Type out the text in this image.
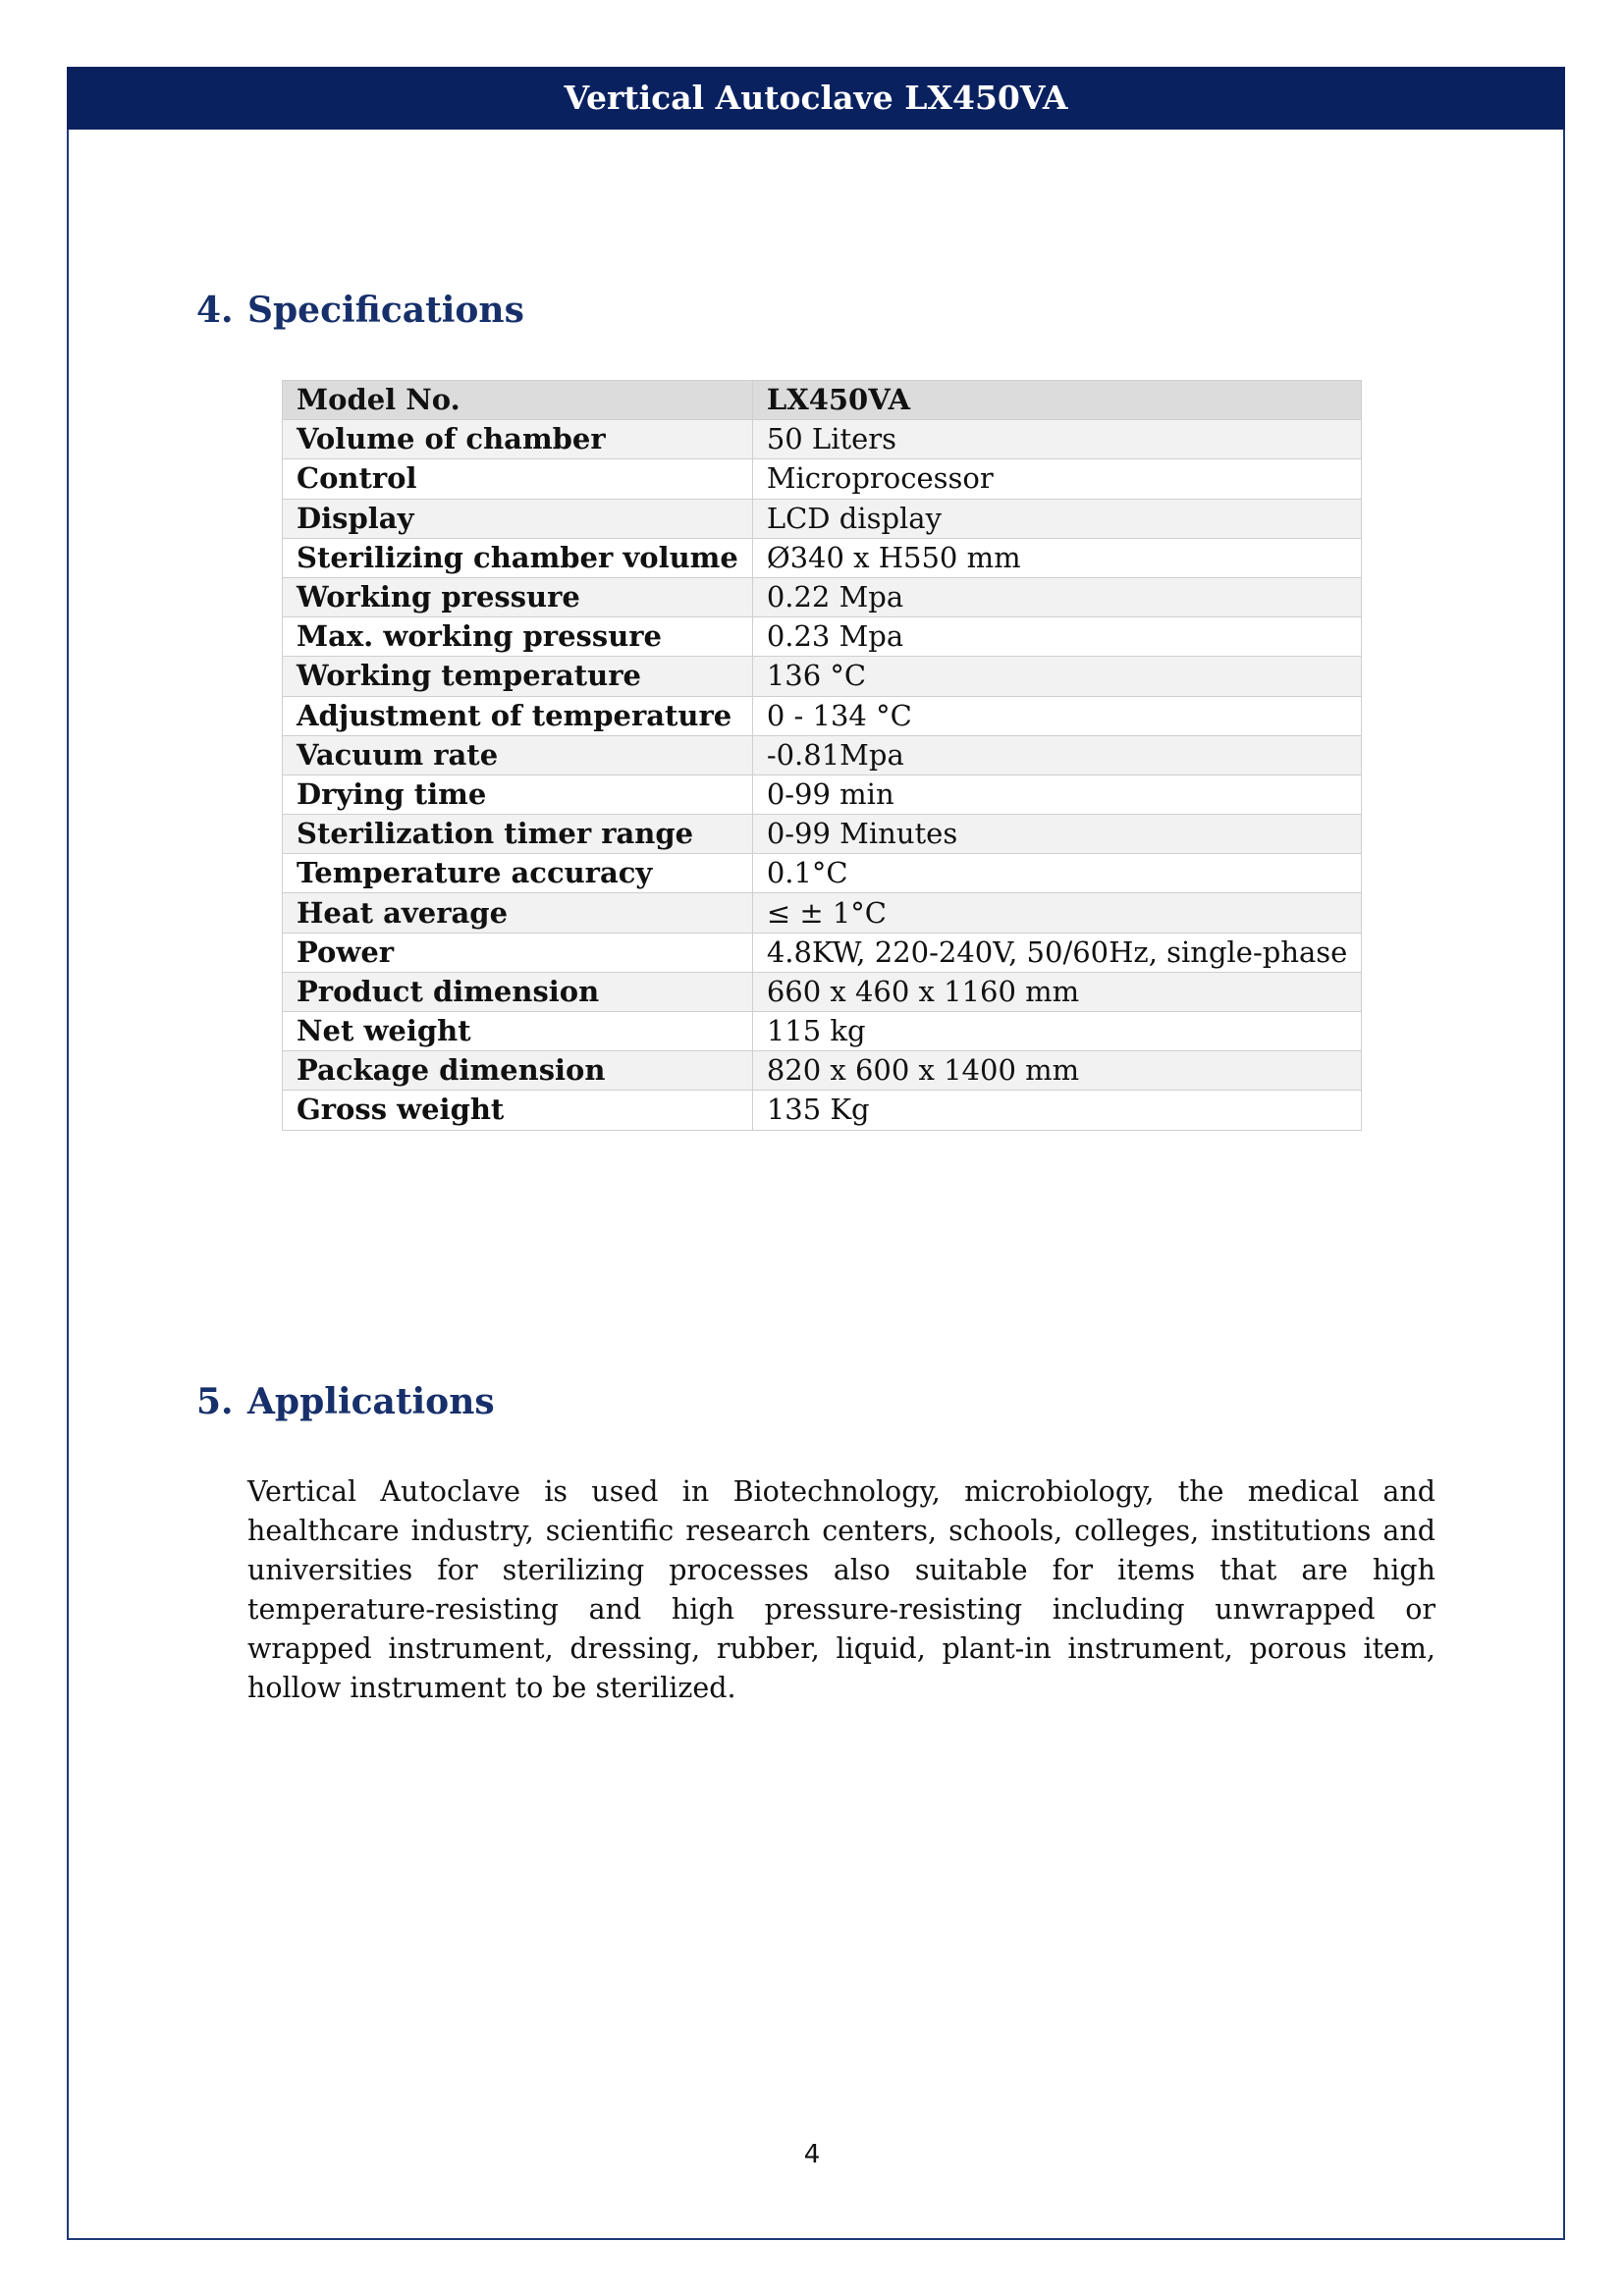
Vertical Autoclave LX450VA
4. Specifications
Model No.	LX450VA
Volume of chamber	50 Liters
Control	Microprocessor
Display	LCD display
Sterilizing chamber volume	Ø340 x H550 mm
Working pressure	0.22 Mpa
Max. working pressure	0.23 Mpa
Working temperature	136 °C
Adjustment of temperature	0 - 134 °C
Vacuum rate	-0.81Mpa
Drying time	0-99 min
Sterilization timer range	0-99 Minutes
Temperature accuracy	0.1°C
Heat average	≤ ± 1°C
Power	4.8KW, 220-240V, 50/60Hz, single-phase
Product dimension	660 x 460 x 1160 mm
Net weight	115 kg
Package dimension	820 x 600 x 1400 mm
Gross weight	135 Kg
5. Applications
Vertical Autoclave is used in Biotechnology, microbiology, the medical and healthcare industry, scientific research centers, schools, colleges, institutions and universities for sterilizing processes also suitable for items that are high temperature-resisting and high pressure-resisting including unwrapped or wrapped instrument, dressing, rubber, liquid, plant-in instrument, porous item, hollow instrument to be sterilized.
4
